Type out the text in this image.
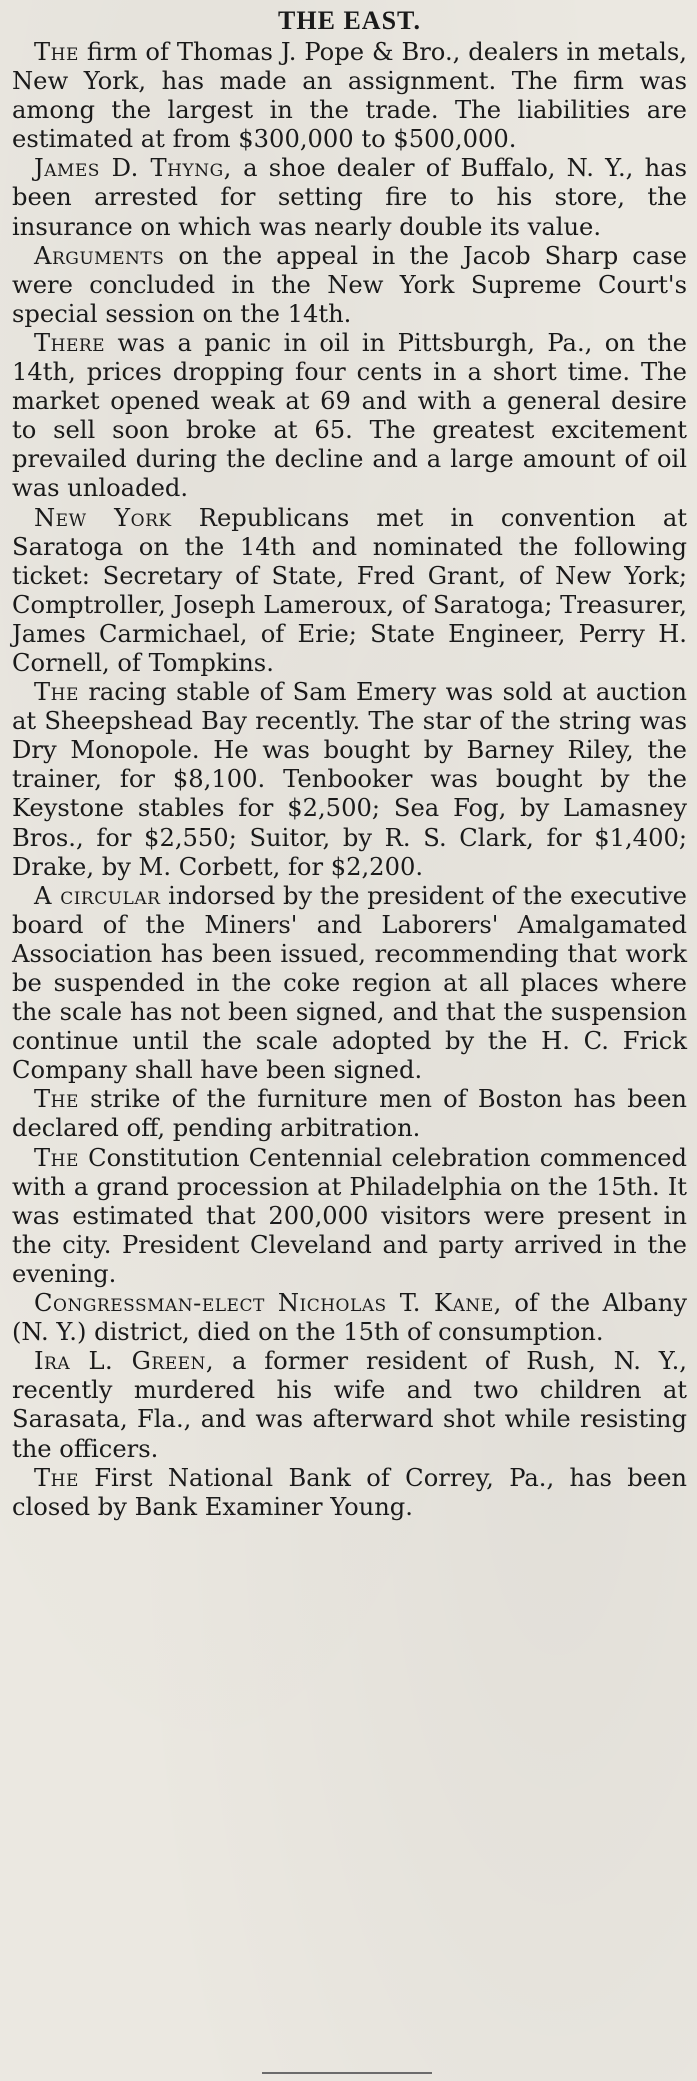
THE EAST.

The firm of Thomas J. Pope & Bro., dealers in metals, New York, has made an assignment. The firm was among the largest in the trade. The liabilities are estimated at from $300,000 to $500,000.

James D. Thyng, a shoe dealer of Buffalo, N. Y., has been arrested for setting fire to his store, the insurance on which was nearly double its value.

Arguments on the appeal in the Jacob Sharp case were concluded in the New York Supreme Court's special session on the 14th.

There was a panic in oil in Pittsburgh, Pa., on the 14th, prices dropping four cents in a short time. The market opened weak at 69 and with a general desire to sell soon broke at 65. The greatest excitement prevailed during the decline and a large amount of oil was unloaded.

New York Republicans met in convention at Saratoga on the 14th and nominated the following ticket: Secretary of State, Fred Grant, of New York; Comptroller, Joseph Lameroux, of Saratoga; Treasurer, James Carmichael, of Erie; State Engineer, Perry H. Cornell, of Tompkins.

The racing stable of Sam Emery was sold at auction at Sheepshead Bay recently. The star of the string was Dry Monopole. He was bought by Barney Riley, the trainer, for $8,100. Tenbooker was bought by the Keystone stables for $2,500; Sea Fog, by Lamasney Bros., for $2,550; Suitor, by R. S. Clark, for $1,400; Drake, by M. Corbett, for $2,200.

A circular indorsed by the president of the executive board of the Miners' and Laborers' Amalgamated Association has been issued, recommending that work be suspended in the coke region at all places where the scale has not been signed, and that the suspension continue until the scale adopted by the H. C. Frick Company shall have been signed.

The strike of the furniture men of Boston has been declared off, pending arbitration.

The Constitution Centennial celebration commenced with a grand procession at Philadelphia on the 15th. It was estimated that 200,000 visitors were present in the city. President Cleveland and party arrived in the evening.

Congressman-elect Nicholas T. Kane, of the Albany (N. Y.) district, died on the 15th of consumption.

Ira L. Green, a former resident of Rush, N. Y., recently murdered his wife and two children at Sarasata, Fla., and was afterward shot while resisting the officers.

The First National Bank of Correy, Pa., has been closed by Bank Examiner Young.
